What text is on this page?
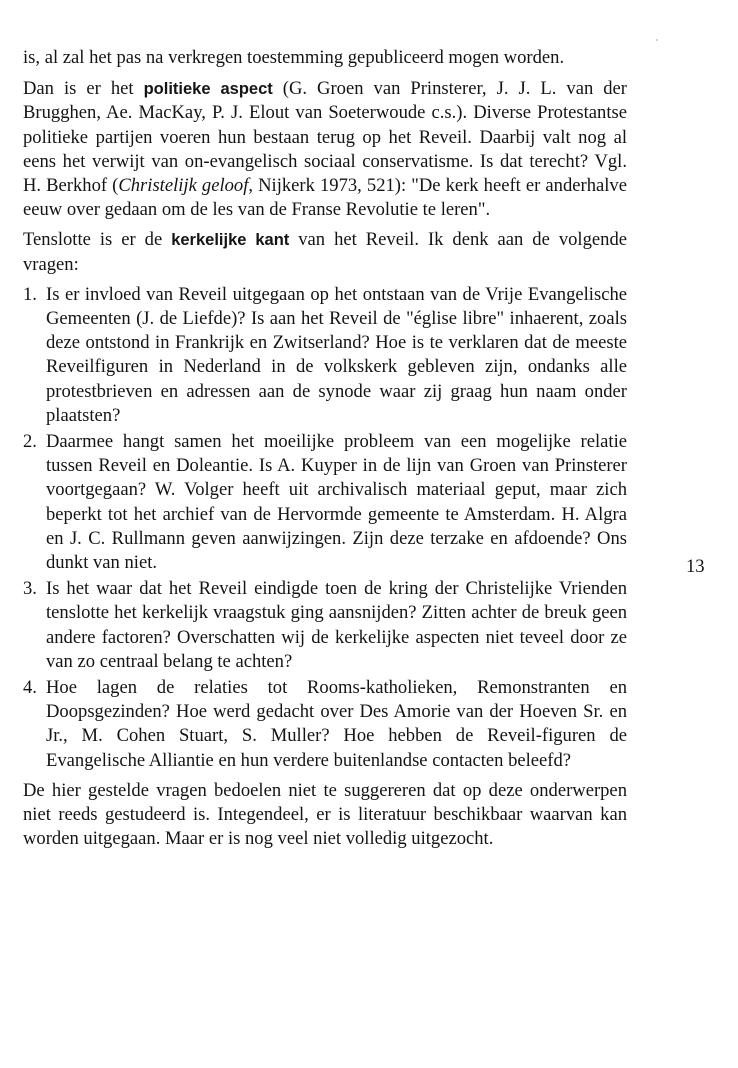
is, al zal het pas na verkregen toestemming gepubliceerd mogen worden.

Dan is er het politieke aspect (G. Groen van Prinsterer, J. J. L. van der Brugghen, Ae. MacKay, P. J. Elout van Soeterwoude c.s.). Diverse Protestantse politieke partijen voeren hun bestaan terug op het Reveil. Daarbij valt nog al eens het verwijt van on-evangelisch sociaal conservatisme. Is dat terecht? Vgl. H. Berkhof (Christelijk geloof, Nijkerk 1973, 521): "De kerk heeft er anderhalve eeuw over gedaan om de les van de Franse Revolutie te leren".

Tenslotte is er de kerkelijke kant van het Reveil. Ik denk aan de volgende vragen:

1. Is er invloed van Reveil uitgegaan op het ontstaan van de Vrije Evangelische Gemeenten (J. de Liefde)? Is aan het Reveil de "église libre" inhaerent, zoals deze ontstond in Frankrijk en Zwitserland? Hoe is te verklaren dat de meeste Reveilfiguren in Nederland in de volkskerk gebleven zijn, ondanks alle protestbrieven en adressen aan de synode waar zij graag hun naam onder plaatsten?
2. Daarmee hangt samen het moeilijke probleem van een mogelijke relatie tussen Reveil en Doleantie. Is A. Kuyper in de lijn van Groen van Prinsterer voortgegaan? W. Volger heeft uit archivalisch materiaal geput, maar zich beperkt tot het archief van de Hervormde gemeente te Amsterdam. H. Algra en J. C. Rullmann geven aanwijzingen. Zijn deze terzake en afdoende? Ons dunkt van niet.
3. Is het waar dat het Reveil eindigde toen de kring der Christelijke Vrienden tenslotte het kerkelijk vraagstuk ging aansnijden? Zitten achter de breuk geen andere factoren? Overschatten wij de kerkelijke aspecten niet teveel door ze van zo centraal belang te achten?
4. Hoe lagen de relaties tot Rooms-katholieken, Remonstranten en Doopsgezinden? Hoe werd gedacht over Des Amorie van der Hoeven Sr. en Jr., M. Cohen Stuart, S. Muller? Hoe hebben de Reveil-figuren de Evangelische Alliantie en hun verdere buitenlandse contacten beleefd?

De hier gestelde vragen bedoelen niet te suggereren dat op deze onderwerpen niet reeds gestudeerd is. Integendeel, er is literatuur beschikbaar waarvan kan worden uitgegaan. Maar er is nog veel niet volledig uitgezocht.

13
